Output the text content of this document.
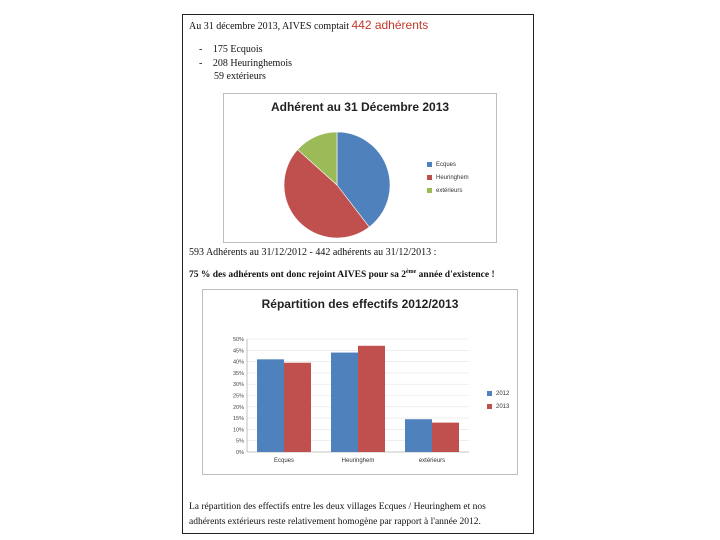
Au 31 décembre 2013, AIVES comptait 442 adhérents
- 175 Ecquois
- 208 Heuringhemois
59 extérieurs
Adhérent au 31 Décembre 2013
Ecques
Heuringhem
extérieurs
593 Adhérents au 31/12/2012 - 442 adhérents au 31/12/2013 :
75 % des adhérents ont donc rejoint AIVES pour sa 2ème année d'existence !
Répartition des effectifs 2012/2013
0%
5%
10%
15%
20%
25%
30%
35%
40%
45%
50%
Ecques	Heuringhem	extérieurs
2012
2013
La répartition des effectifs entre les deux villages Ecques / Heuringhem et nos
adhérents extérieurs reste relativement homogène par rapport à l'année 2012.
